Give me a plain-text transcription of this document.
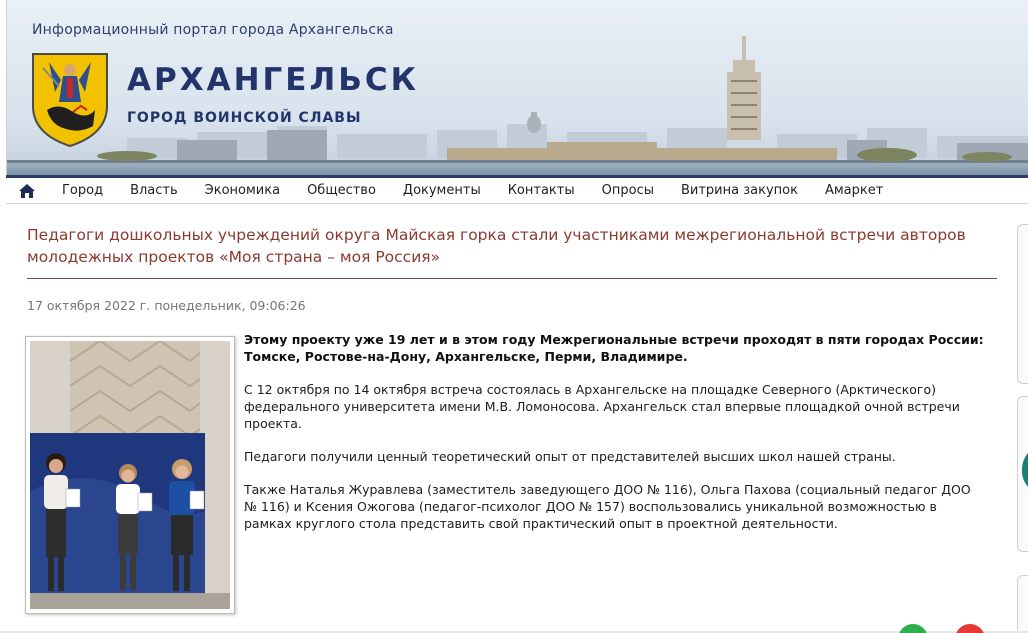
Информационный портал города Архангельска
АРХАНГЕЛЬСК
ГОРОД ВОИНСКОЙ СЛАВЫ
Город Власть Экономика Общество Документы Контакты Опросы Витрина закупок Амаркет
Педагоги дошкольных учреждений округа Майская горка стали участниками межрегиональной встречи авторов молодежных проектов «Моя страна – моя Россия»
17 октября 2022 г. понедельник, 09:06:26

Этому проекту уже 19 лет и в этом году Межрегиональные встречи проходят в пяти городах России: Томске, Ростове-на-Дону, Архангельске, Перми, Владимире.

С 12 октября по 14 октября встреча состоялась в Архангельске на площадке Северного (Арктического) федерального университета имени М.В. Ломоносова. Архангельск стал впервые площадкой очной встречи проекта.

Педагоги получили ценный теоретический опыт от представителей высших школ нашей страны.

Также Наталья Журавлева (заместитель заведующего ДОО № 116), Ольга Пахова (социальный педагог ДОО № 116) и Ксения Ожогова (педагог-психолог ДОО № 157) воспользовались уникальной возможностью в рамках круглого стола представить свой практический опыт в проектной деятельности.
